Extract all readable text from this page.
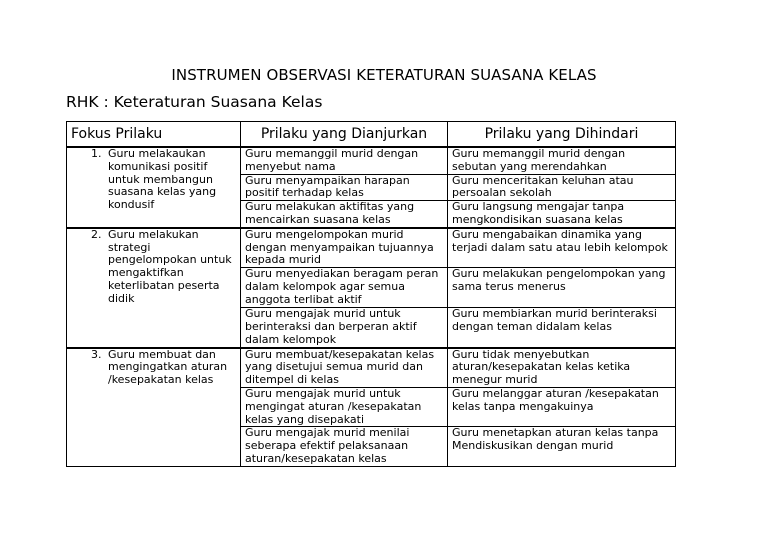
INSTRUMEN OBSERVASI KETERATURAN SUASANA KELAS
RHK : Keteraturan Suasana Kelas
Fokus Prilaku	Prilaku yang Dianjurkan	Prilaku yang Dihindari

1. Guru melakaukan komunikasi positif untuk membangun suasana kelas yang kondusif	Guru memanggil murid dengan menyebut nama	Guru memanggil murid dengan sebutan yang merendahkan
	Guru menyampaikan harapan positif terhadap kelas	Guru menceritakan keluhan atau persoalan sekolah
	Guru melakukan aktifitas yang mencairkan suasana kelas	Guru langsung mengajar tanpa mengkondisikan suasana kelas

2. Guru melakukan strategi pengelompokan untuk mengaktifkan keterlibatan peserta didik	Guru mengelompokan murid dengan menyampaikan tujuannya kepada murid	Guru mengabaikan dinamika yang terjadi dalam satu atau lebih kelompok
	Guru menyediakan beragam peran dalam kelompok agar semua anggota terlibat aktif	Guru melakukan pengelompokan yang sama terus menerus
	Guru mengajak murid untuk berinteraksi dan berperan aktif dalam kelompok	Guru membiarkan murid berinteraksi dengan teman didalam kelas

3. Guru membuat dan mengingatkan aturan /kesepakatan kelas	Guru membuat/kesepakatan kelas yang disetujui semua murid dan ditempel di kelas	Guru tidak menyebutkan aturan/kesepakatan kelas ketika menegur murid
	Guru mengajak murid untuk mengingat aturan /kesepakatan kelas yang disepakati	Guru melanggar aturan /kesepakatan kelas tanpa mengakuinya
	Guru mengajak murid menilai seberapa efektif pelaksanaan aturan/kesepakatan kelas	Guru menetapkan aturan kelas tanpa Mendiskusikan dengan murid
